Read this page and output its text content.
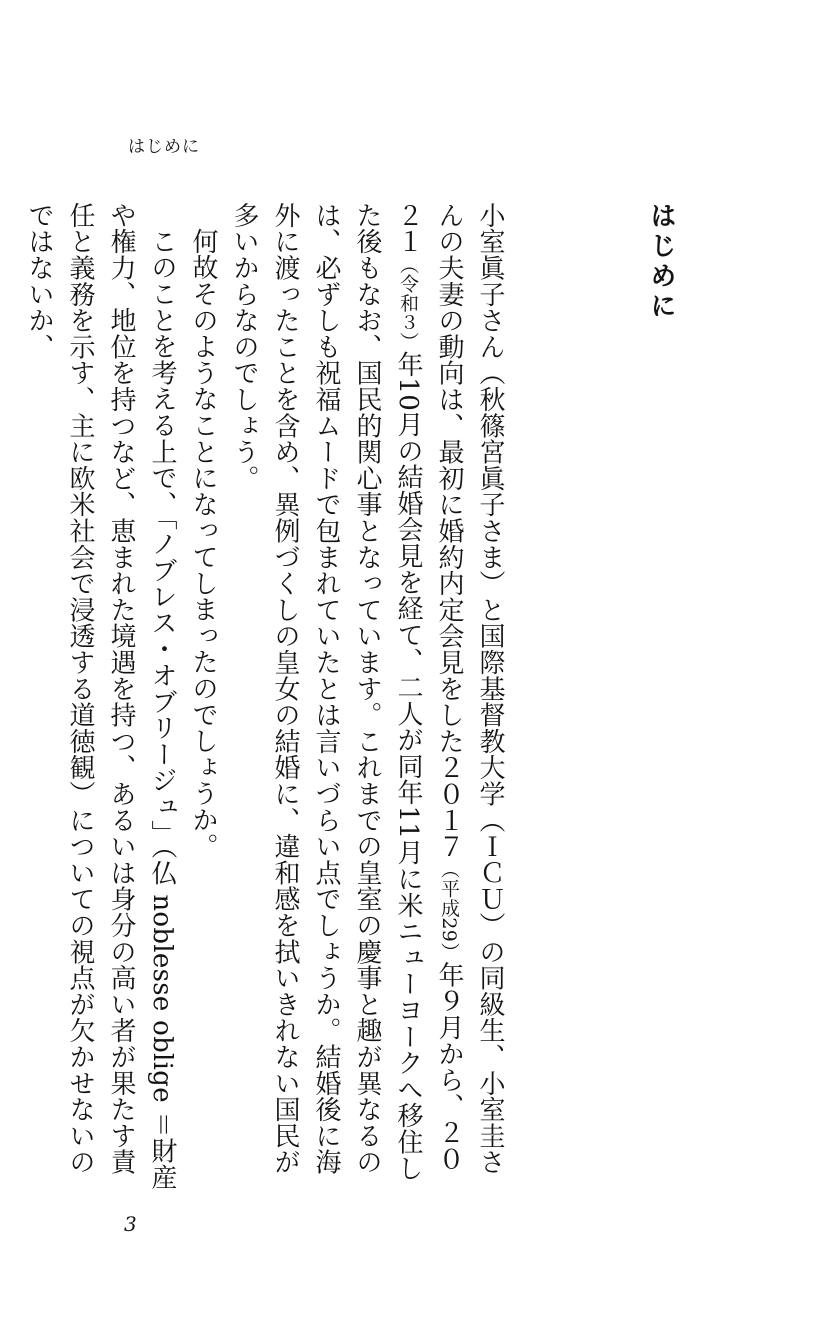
はじめに
はじめに

小室眞子さん（秋篠宮眞子さま）と国際基督教大学（ＩＣＵ）の同級生、小室圭さんの夫妻の動向は、最初に婚約内定会見をした２０１７（平成29）年９月から、２０２１（令和３）年10月の結婚会見を経て、二人が同年11月に米ニューヨークへ移住した後もなお、国民的関心事となっています。これまでの皇室の慶事と趣が異なるのは、必ずしも祝福ムードで包まれていたとは言いづらい点でしょうか。結婚後に海外に渡ったことを含め、異例づくしの皇女の結婚に、違和感を拭いきれない国民が多いからなのでしょう。

何故そのようなことになってしまったのでしょうか。

このことを考える上で、「ノブレス・オブリージュ」（仏 noblesse oblige ＝財産や権力、地位を持つなど、恵まれた境遇を持つ、あるいは身分の高い者が果たす責任と義務を示す、主に欧米社会で浸透する道徳観）についての視点が欠かせないのではないか、

3
